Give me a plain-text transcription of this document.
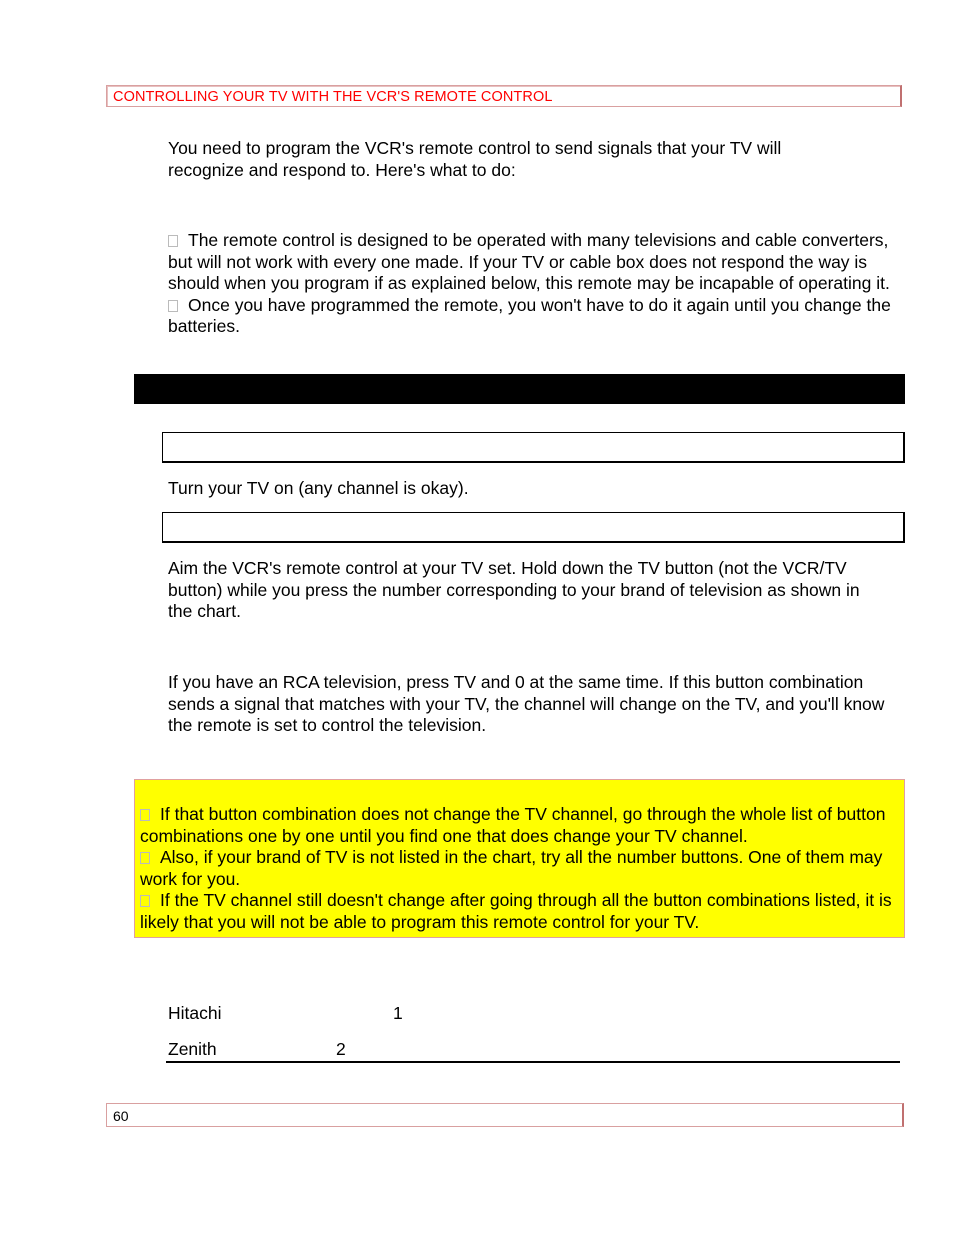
CONTROLLING YOUR TV WITH THE VCR'S REMOTE CONTROL
You need to program the VCR's remote control to send signals that your TV will
recognize and respond to. Here's what to do:
The remote control is designed to be operated with many televisions and cable converters, but will not work with every one made. If your TV or cable box does not respond the way is should when you program if as explained below, this remote may be incapable of operating it.
Once you have programmed the remote, you won't have to do it again until you change the batteries.
Turn your TV on (any channel is okay).
Aim the VCR's remote control at your TV set. Hold down the TV button (not the VCR/TV button) while you press the number corresponding to your brand of television as shown in the chart.
If you have an RCA television, press TV and 0 at the same time. If this button combination sends a signal that matches with your TV, the channel will change on the TV, and you'll know the remote is set to control the television.
If that button combination does not change the TV channel, go through the whole list of button combinations one by one until you find one that does change your TV channel.
Also, if your brand of TV is not listed in the chart, try all the number buttons. One of them may work for you.
If the TV channel still doesn't change after going through all the button combinations listed, it is likely that you will not be able to program this remote control for your TV.
Hitachi	1
Zenith	2
60
